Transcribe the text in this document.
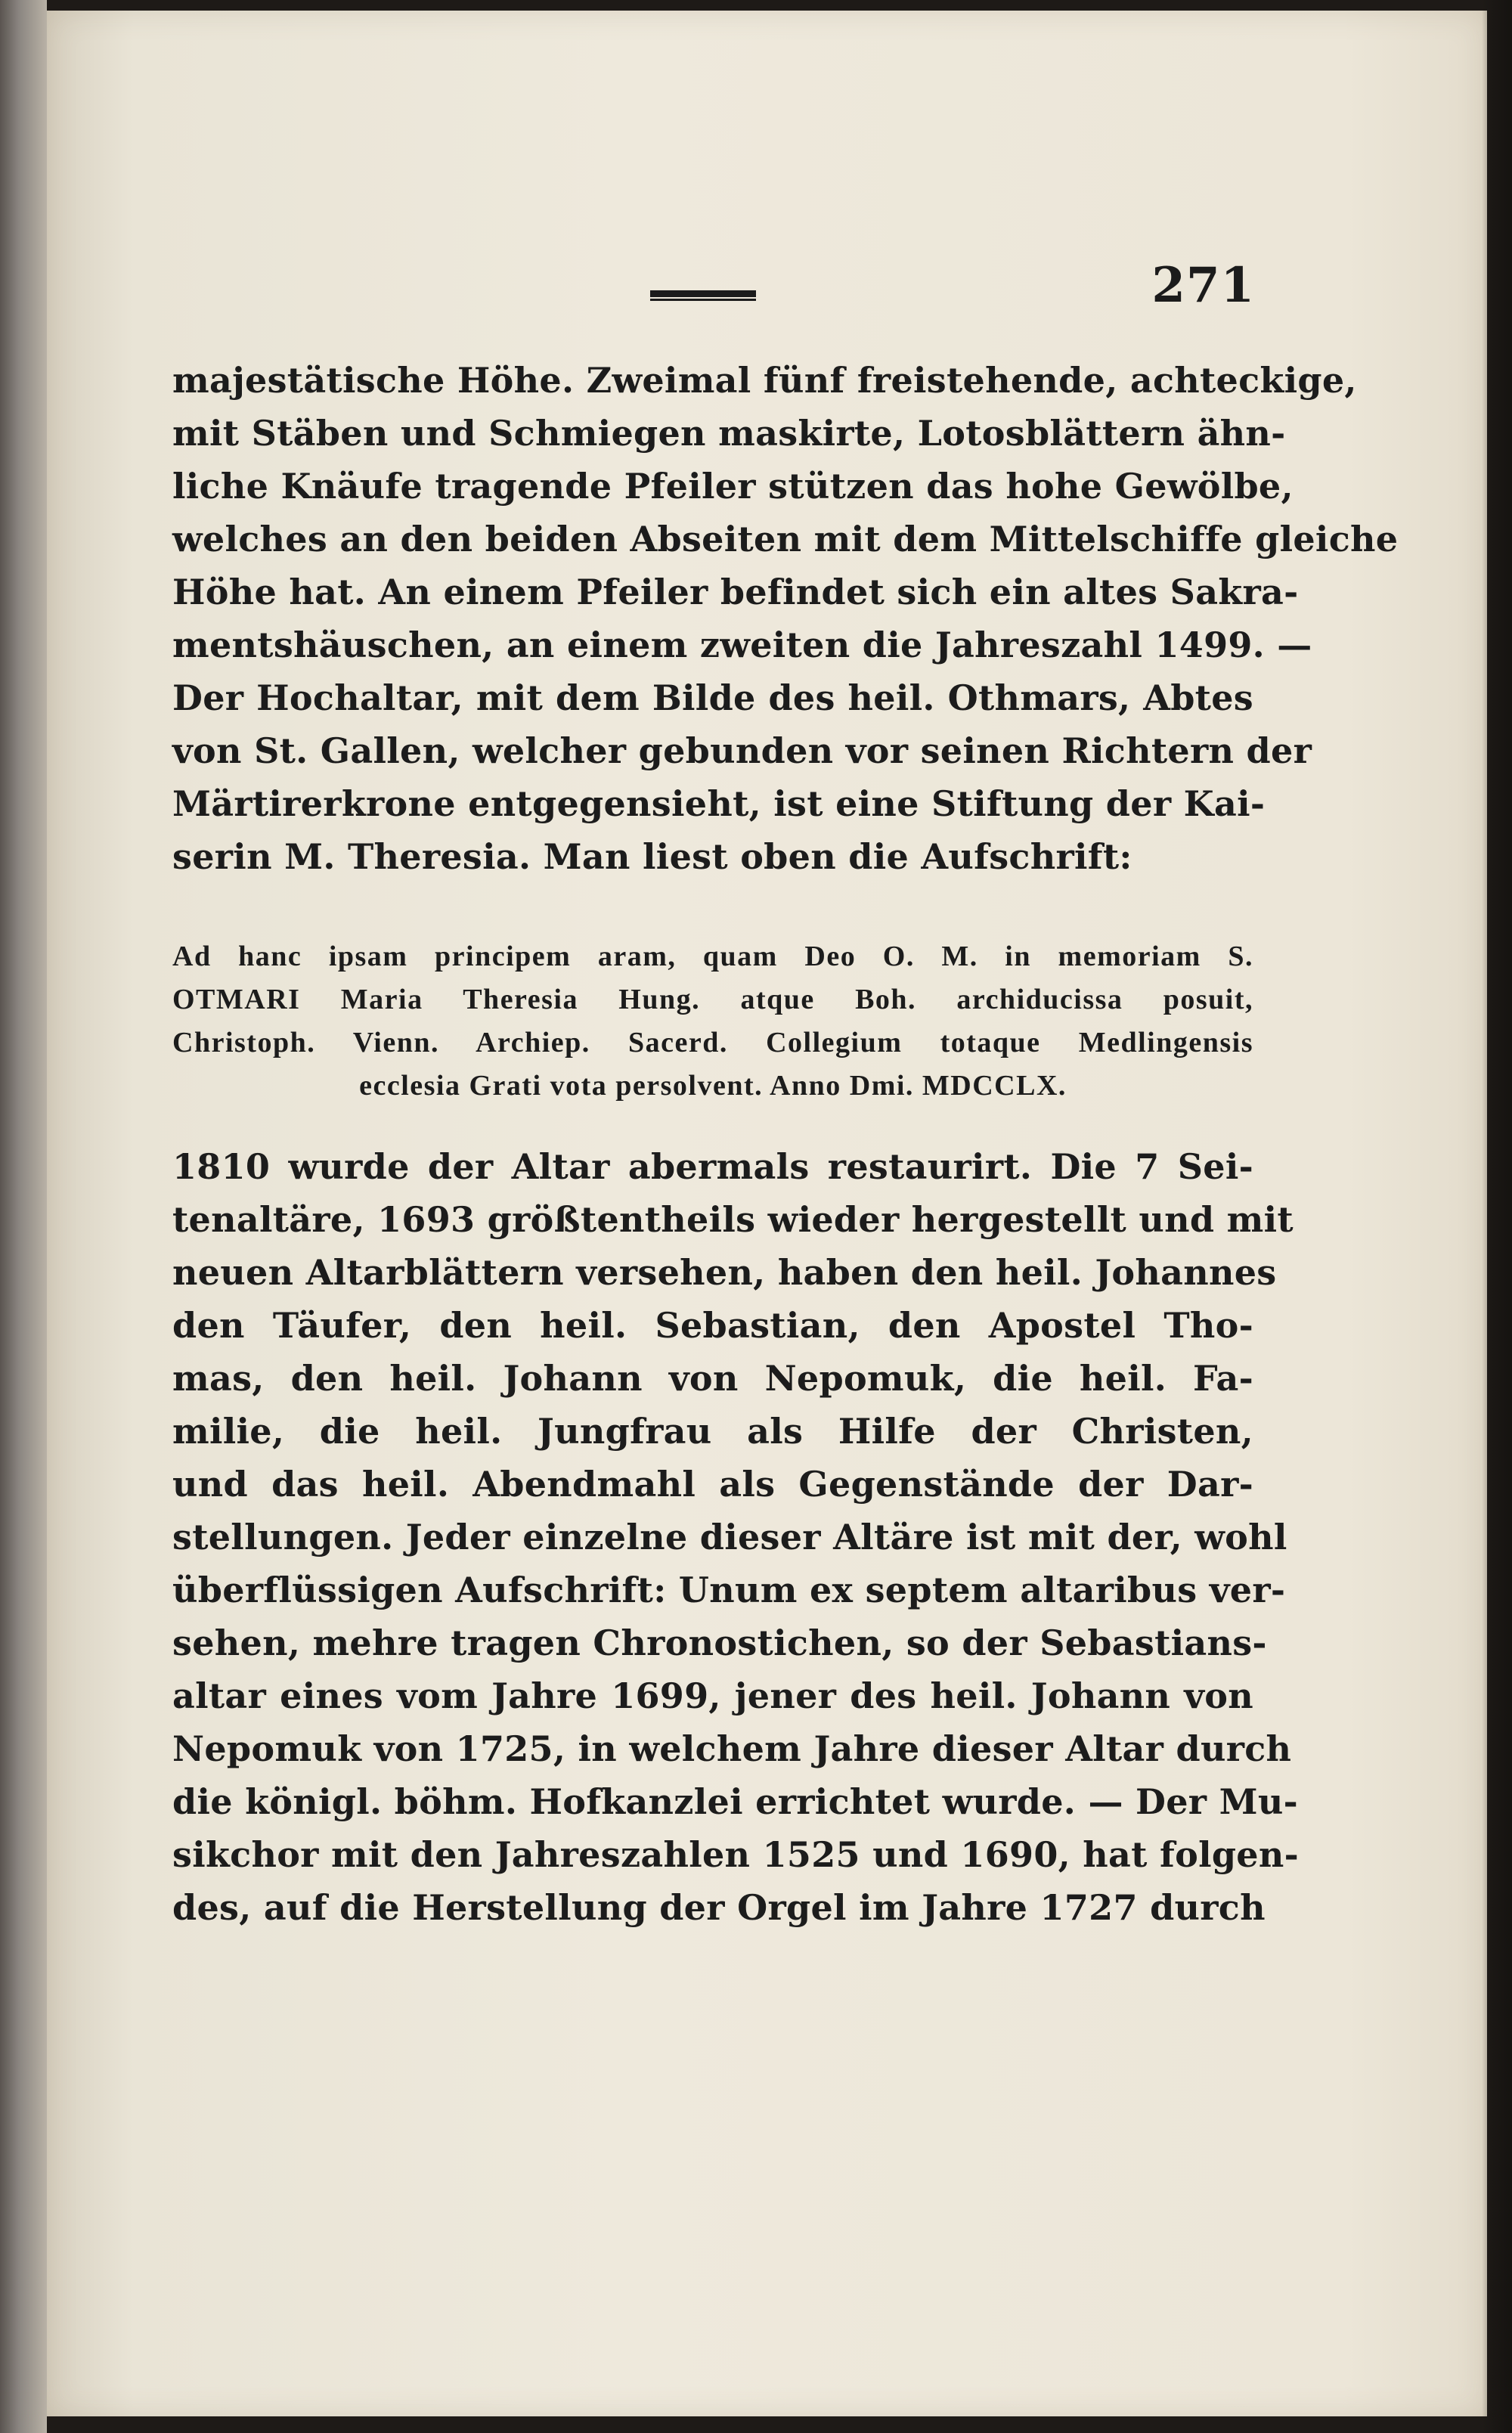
271
majestätische Höhe. Zweimal fünf freistehende, achteckige,
mit Stäben und Schmiegen maskirte, Lotosblättern ähn-
liche Knäufe tragende Pfeiler stützen das hohe Gewölbe,
welches an den beiden Abseiten mit dem Mittelschiffe gleiche
Höhe hat. An einem Pfeiler befindet sich ein altes Sakra-
mentshäuschen, an einem zweiten die Jahreszahl 1499. —
Der Hochaltar, mit dem Bilde des heil. Othmars, Abtes
von St. Gallen, welcher gebunden vor seinen Richtern der
Märtirerkrone entgegensieht, ist eine Stiftung der Kai-
serin M. Theresia. Man liest oben die Aufschrift:
Ad hanc ipsam principem aram, quam Deo O. M. in memoriam S.
OTMARI Maria Theresia Hung. atque Boh. archiducissa posuit,
Christoph. Vienn. Archiep. Sacerd. Collegium totaque Medlingensis
ecclesia Grati vota persolvent. Anno Dmi. MDCCLX.
1810 wurde der Altar abermals restaurirt. Die 7 Sei-
tenaltäre, 1693 größtentheils wieder hergestellt und mit
neuen Altarblättern versehen, haben den heil. Johannes
den Täufer, den heil. Sebastian, den Apostel Tho-
mas, den heil. Johann von Nepomuk, die heil. Fa-
milie, die heil. Jungfrau als Hilfe der Christen,
und das heil. Abendmahl als Gegenstände der Dar-
stellungen. Jeder einzelne dieser Altäre ist mit der, wohl
überflüssigen Aufschrift: Unum ex septem altaribus ver-
sehen, mehre tragen Chronostichen, so der Sebastians-
altar eines vom Jahre 1699, jener des heil. Johann von
Nepomuk von 1725, in welchem Jahre dieser Altar durch
die königl. böhm. Hofkanzlei errichtet wurde. — Der Mu-
sikchor mit den Jahreszahlen 1525 und 1690, hat folgen-
des, auf die Herstellung der Orgel im Jahre 1727 durch
